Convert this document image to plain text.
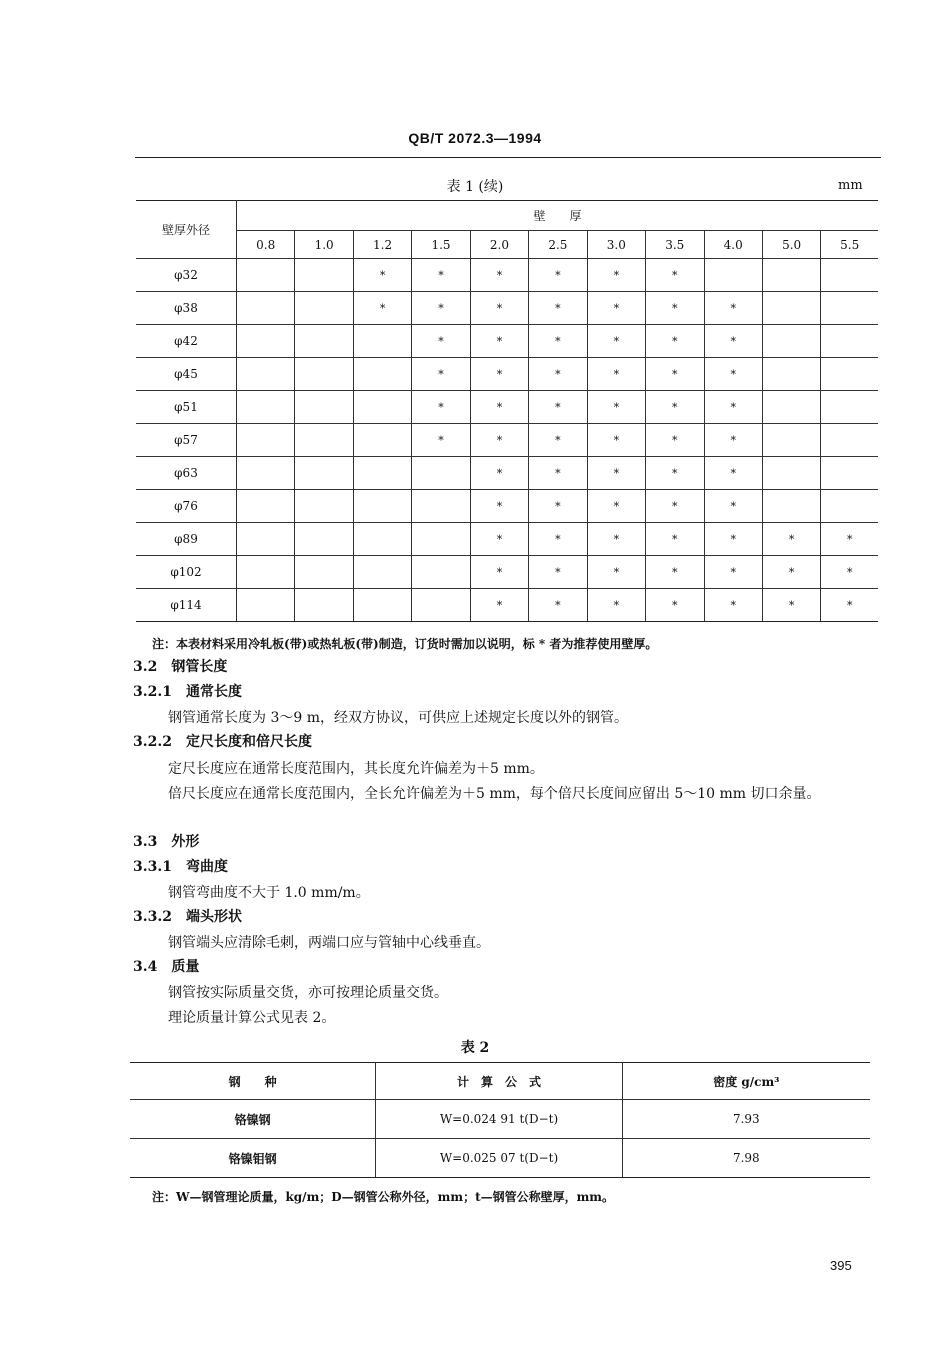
QB/T 2072.3—1994
表 1 (续)	mm
壁厚外径	壁　　厚										
	0.8	1.0	1.2	1.5	2.0	2.5	3.0	3.5	4.0	5.0	5.5
φ32			*	*	*	*	*	*			
φ38			*	*	*	*	*	*	*		
φ42				*	*	*	*	*	*		
φ45				*	*	*	*	*	*		
φ51				*	*	*	*	*	*		
φ57				*	*	*	*	*	*		
φ63					*	*	*	*	*		
φ76					*	*	*	*	*		
φ89					*	*	*	*	*	*	*
φ102					*	*	*	*	*	*	*
φ114					*	*	*	*	*	*	*
注：本表材料采用冷轧板(带)或热轧板(带)制造，订货时需加以说明，标 * 者为推荐使用壁厚。
3.2　钢管长度
3.2.1　通常长度
钢管通常长度为 3～9 m，经双方协议，可供应上述规定长度以外的钢管。
3.2.2　定尺长度和倍尺长度
定尺长度应在通常长度范围内，其长度允许偏差为＋5 mm。
倍尺长度应在通常长度范围内，全长允许偏差为＋5 mm，每个倍尺长度间应留出 5～10 mm 切口余量。
3.3　外形
3.3.1　弯曲度
钢管弯曲度不大于 1.0 mm/m。
3.3.2　端头形状
钢管端头应清除毛刺，两端口应与管轴中心线垂直。
3.4　质量
钢管按实际质量交货，亦可按理论质量交货。
理论质量计算公式见表 2。
表 2
钢　　种	计　算　公　式	密度 g/cm³
铬镍钢	W=0.024 91 t(D−t)	7.93
铬镍钼钢	W=0.025 07 t(D−t)	7.98
注：W—钢管理论质量，kg/m；D—钢管公称外径，mm；t—钢管公称壁厚，mm。
395
